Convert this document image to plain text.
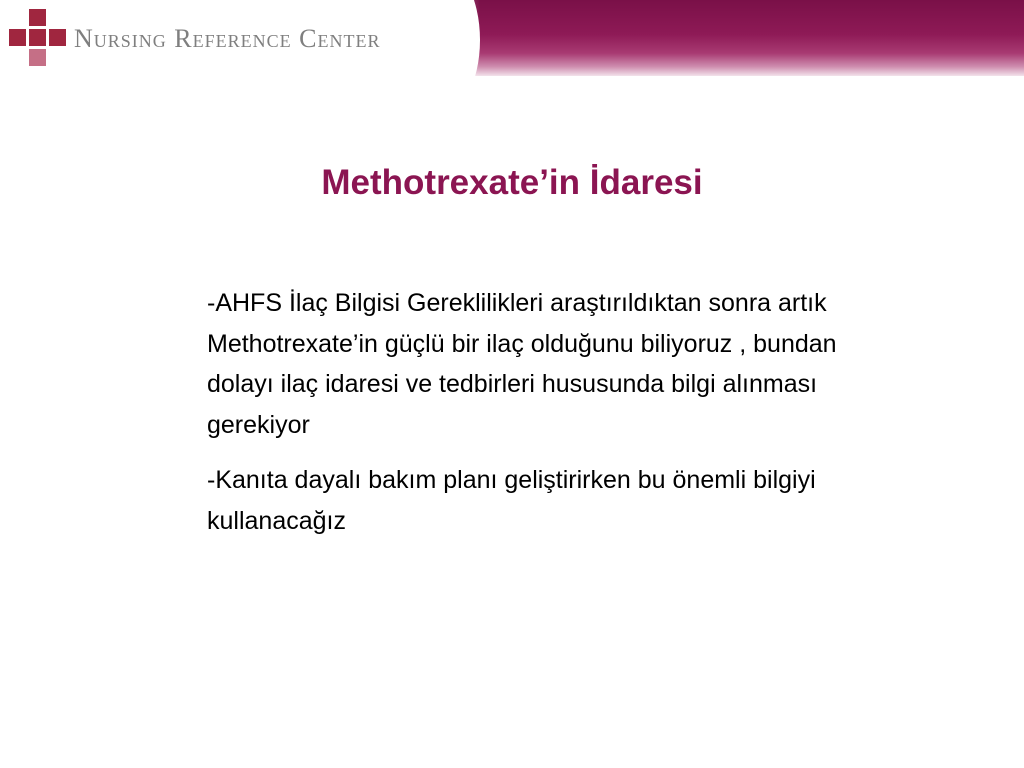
Nursing Reference Center
Methotrexate’in İdaresi

-AHFS İlaç Bilgisi Gereklilikleri araştırıldıktan sonra artık Methotrexate’in güçlü bir ilaç olduğunu biliyoruz , bundan dolayı ilaç idaresi ve tedbirleri hususunda bilgi alınması gerekiyor

-Kanıta dayalı bakım planı geliştirirken bu önemli bilgiyi kullanacağız
